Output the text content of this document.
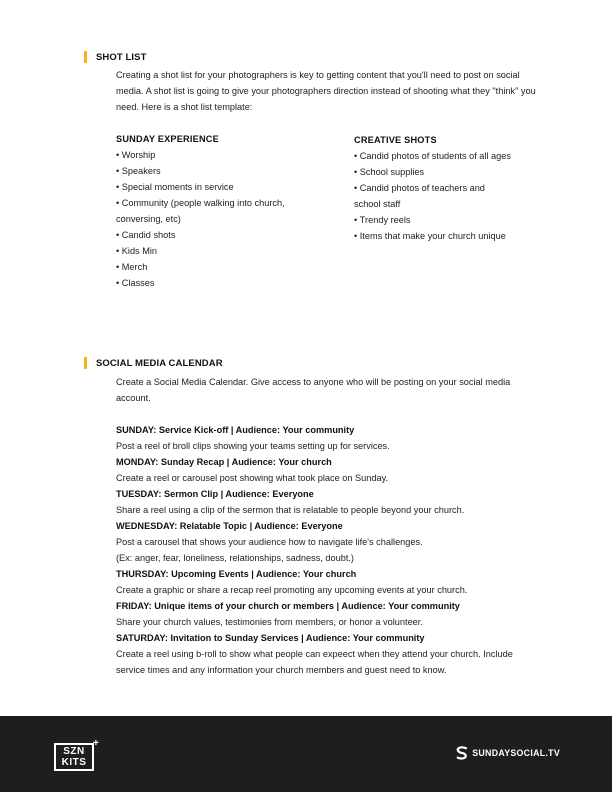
SHOT LIST

Creating a shot list for your photographers is key to getting content that you'll need to post on social media. A shot list is going to give your photographers direction instead of shooting what they "think" you need. Here is a shot list template:

SUNDAY EXPERIENCE
• Worship
• Speakers
• Special moments in service
• Community (people walking into church, conversing, etc)
• Candid shots
• Kids Min
• Merch
• Classes
CREATIVE SHOTS
• Candid photos of students of all ages
• School supplies
• Candid photos of teachers and school staff
• Trendy reels
• Items that make your church unique
SOCIAL MEDIA CALENDAR

Create a Social Media Calendar. Give access to anyone who will be posting on your social media account.

SUNDAY: Service Kick-off | Audience: Your community

Post a reel of broll clips showing your teams setting up for services.

MONDAY: Sunday Recap | Audience: Your church

Create a reel or carousel post showing what took place on Sunday.

TUESDAY: Sermon Clip | Audience: Everyone

Share a reel using a clip of the sermon that is relatable to people beyond your church.

WEDNESDAY: Relatable Topic | Audience: Everyone

Post a carousel that shows your audience how to navigate life's challenges.

(Ex: anger, fear, loneliness, relationships, sadness, doubt.)

THURSDAY: Upcoming Events | Audience: Your church

Create a graphic or share a recap reel promoting any upcoming events at your church.

FRIDAY: Unique items of your church or members | Audience: Your community

Share your church values, testimonies from members, or honor a volunteer.

SATURDAY: Invitation to Sunday Services | Audience: Your community

Create a reel using b-roll to show what people can expeect when they attend your church. Include service times and any information your church members and guest need to know.

SZN
KITS
+
SUNDAYSOCIAL.TV
